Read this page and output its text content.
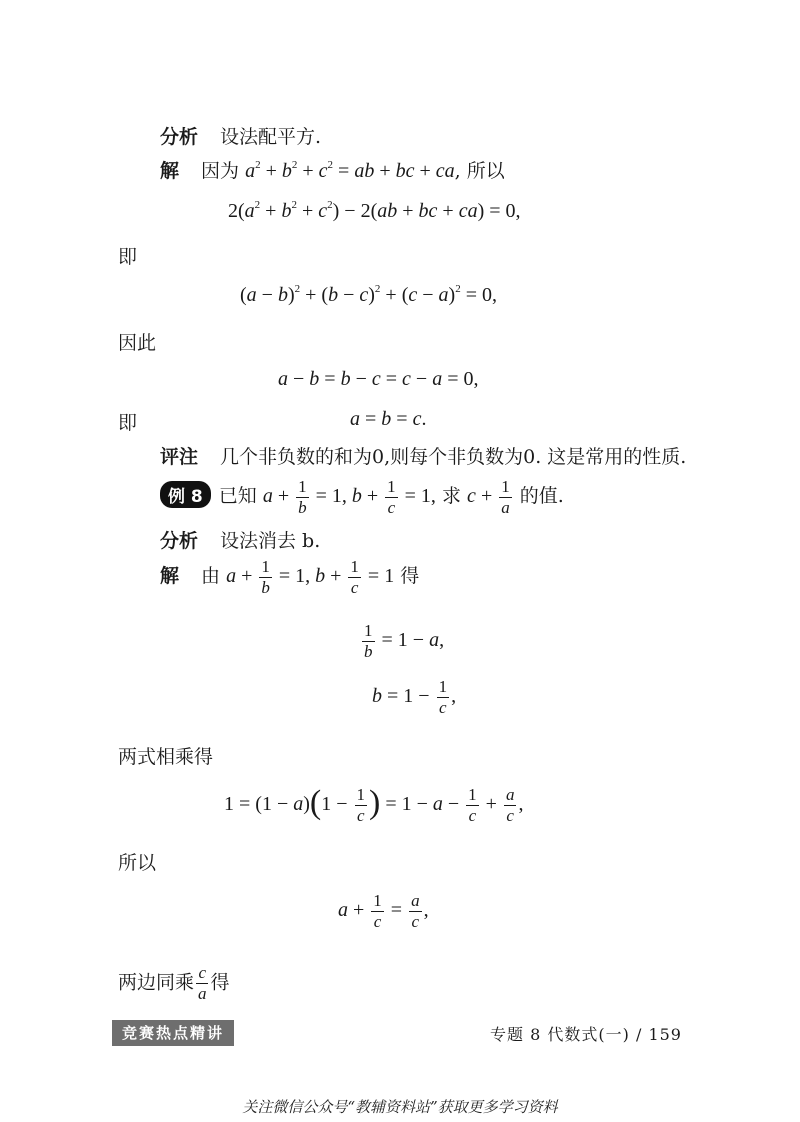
分析 设法配平方.
解 因为 $a^2 + b^2 + c^2$ = ab + bc + ca, 所以
$2(a^2 + b^2 + c^2) - 2(ab$ + bc + ca) = 0,
即
$(a - b)^2 + (b - c)^2 + (c - a)^2 = 0$,
因此
a − b = b − c = c − a = 0,
即	a = b = c.
评注 几个非负数的和为0,则每个非负数为0. 这是常用的性质.
例 8 已知 $a + \frac{1}{b} = 1$, $b + \frac{1}{c} = 1$, 求 $c + \frac{1}{a}$ 的值.
分析 设法消去 b.
解 由 $a + \frac{1}{b} = 1$, $b + \frac{1}{c} = 1$ 得
$\frac{1}{b} = 1 - a$,
$b = 1 - \frac{1}{c}$ ,
两式相乘得
$1 = (1 - a)(1 - \frac{1}{c}$ ) = $1 - a - \frac{1}{c} + \frac{a}{c}$ ,
所以
$a + \frac{1}{c} = \frac{a}{c}$ ,
两边同乘 $\frac{c}{a}$ 得
竞赛热点精讲	专题 8 代数式(一) / 159
关注微信公众号“教辅资料站”获取更多学习资料
